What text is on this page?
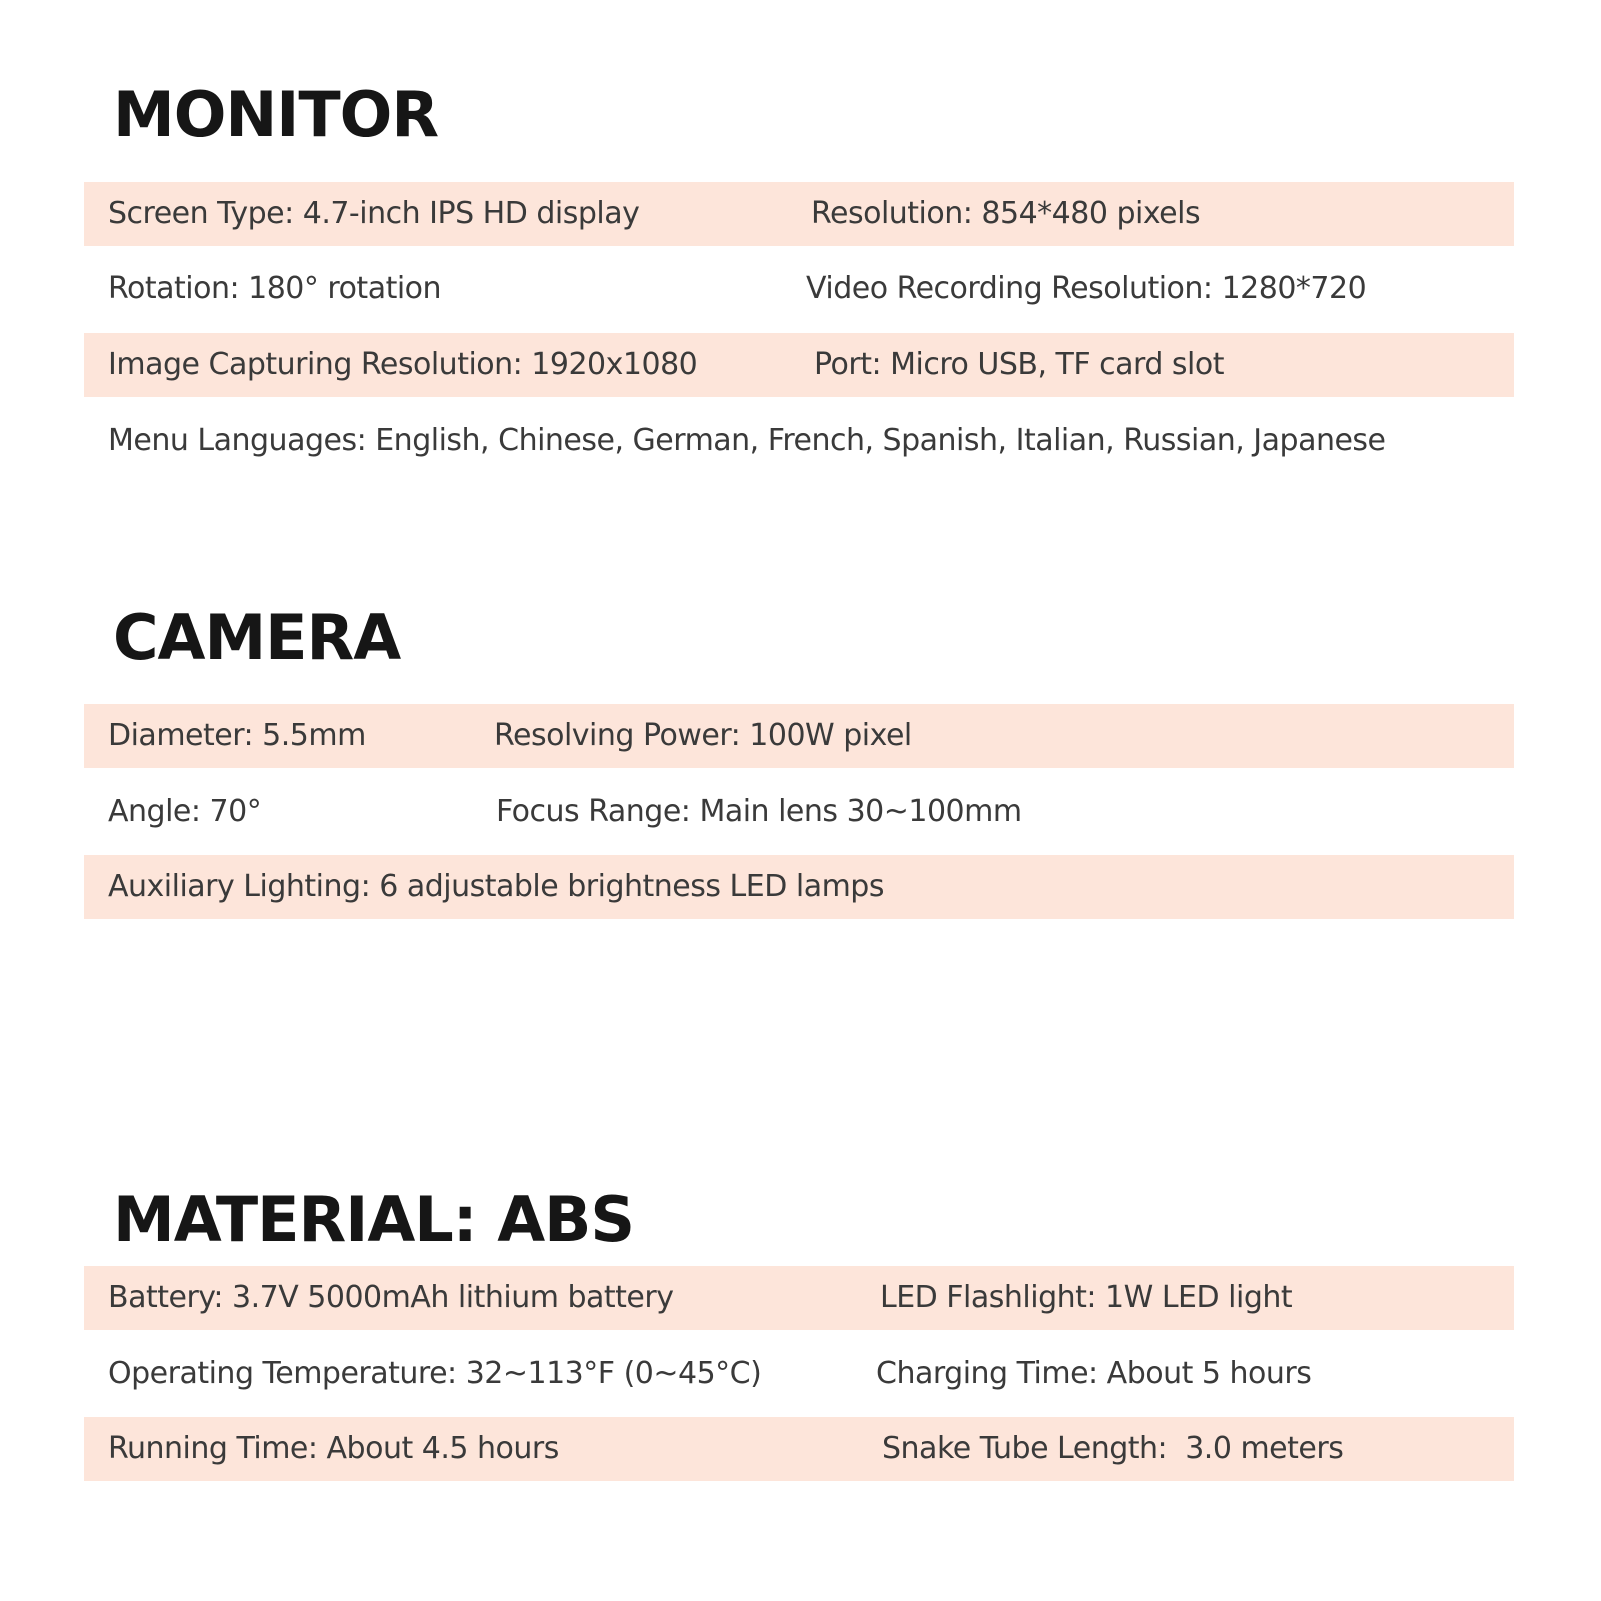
MONITOR
Screen Type: 4.7-inch IPS HD display	Resolution: 854*480 pixels
Rotation: 180° rotation	Video Recording Resolution: 1280*720
Image Capturing Resolution: 1920x1080	Port: Micro USB, TF card slot
Menu Languages: English, Chinese, German, French, Spanish, Italian, Russian, Japanese
CAMERA
Diameter: 5.5mm	Resolving Power: 100W pixel
Angle: 70°	Focus Range: Main lens 30~100mm
Auxiliary Lighting: 6 adjustable brightness LED lamps
MATERIAL: ABS
Battery: 3.7V 5000mAh lithium battery	LED Flashlight: 1W LED light
Operating Temperature: 32~113°F (0~45°C)	Charging Time: About 5 hours
Running Time: About 4.5 hours	Snake Tube Length:  3.0 meters
